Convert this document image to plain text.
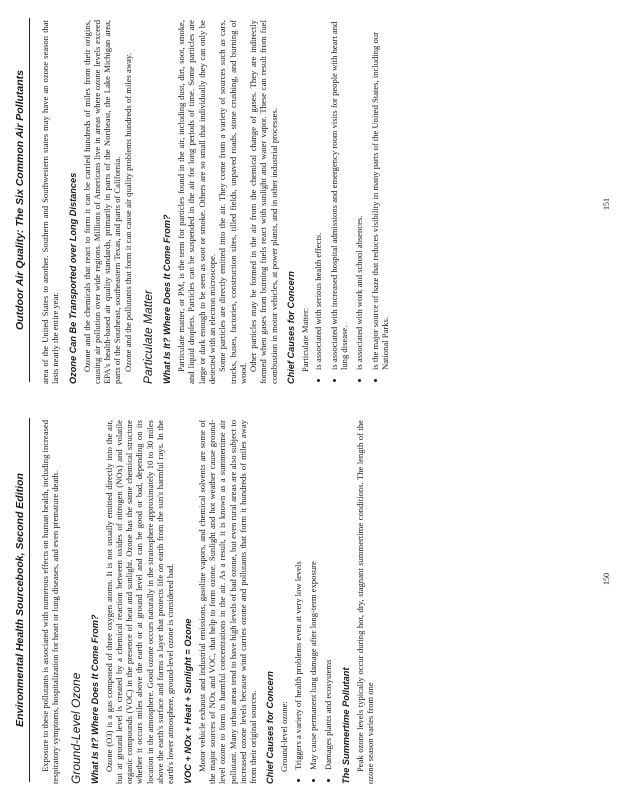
Environmental Health Sourcebook, Second Edition	Exposure to these pollutants is associated with numerous effects on human health, including increased respiratory symptoms, hospitalization for heart or lung diseases, and even premature death. Ground-Level Ozone What Is It? Where Does It Come From? Ozone (O3) is a gas composed of three oxygen atoms. It is not usually emitted directly into the air, but at ground level is created by a chemical reaction between oxides of nitrogen (NOx) and volatile organic compounds (VOC) in the presence of heat and sunlight. Ozone has the same chemical structure whether it occurs miles above the earth or at ground level and can be good or bad, depending on its location in the atmosphere. Good ozone occurs naturally in the stratosphere approximately 10 to 30 miles above the earth's surface and forms a layer that protects life on earth from the sun's harmful rays. In the earth's lower atmosphere, ground-level ozone is considered bad. VOC + NOx + Heat + Sunlight = Ozone Motor vehicle exhaust and industrial emissions, gasoline vapors, and chemical solvents are some of the major sources of NOx and VOC, that help to form ozone. Sunlight and hot weather cause ground-level ozone to form in harmful concentrations in the air. As a result, it is known as a summertime air pollutant. Many urban areas tend to have high levels of bad ozone, but even rural areas are also subject to increased ozone levels because wind carries ozone and pollutants that form it hundreds of miles away from their original sources. Chief Causes for Concern Ground-level ozone: • Triggers a variety of health problems even at very low levels • May cause permanent lung damage after long-term exposure • Damages plants and ecosystems The Summertime Pollutant Peak ozone levels typically occur during hot, dry, stagnant summertime conditions. The length of the ozone season varies from one

150
Outdoor Air Quality: The Six Common Air Pollutants	area of the United States to another. Southern and Southwestern states may have an ozone season that lasts nearly the entire year. Ozone Can Be Transported over Long Distances Ozone and the chemicals that react to form it can be carried hundreds of miles from their origins, causing air pollution over wide regions. Millions of Americans live in areas where ozone levels exceed EPA's health-based air quality standards, primarily in parts of the Northeast, the Lake Michigan area, parts of the Southeast, southeastern Texas, and parts of California. Ozone and the pollutants that form it can cause air quality problems hundreds of miles away. Particulate Matter What Is It? Where Does It Come From? Particulate matter, or PM, is the term for particles found in the air, including dust, dirt, soot, smoke, and liquid droplets. Particles can be suspended in the air for long periods of time. Some particles are large or dark enough to be seen as soot or smoke. Others are so small that individually they can only be detected with an electron microscope. Some particles are directly emitted into the air. They come from a variety of sources such as cars, trucks, buses, factories, construction sites, tilled fields, unpaved roads, stone crushing, and burning of wood.

Other particles may be formed in the air from the chemical change of gases. They are indirectly formed when gases from burning fuels react with sunlight and water vapor. These can result from fuel combustion in motor vehicles, at power plants, and in other industrial processes. Chief Causes for Concern Particulate Matter: • is associated with serious health effects. • is associated with increased hospital admissions and emergency room visits for people with heart and lung disease. • is associated with work and school absences. • is the major source of haze that reduces visibility in many parts of the United States, including our National Parks.
151
